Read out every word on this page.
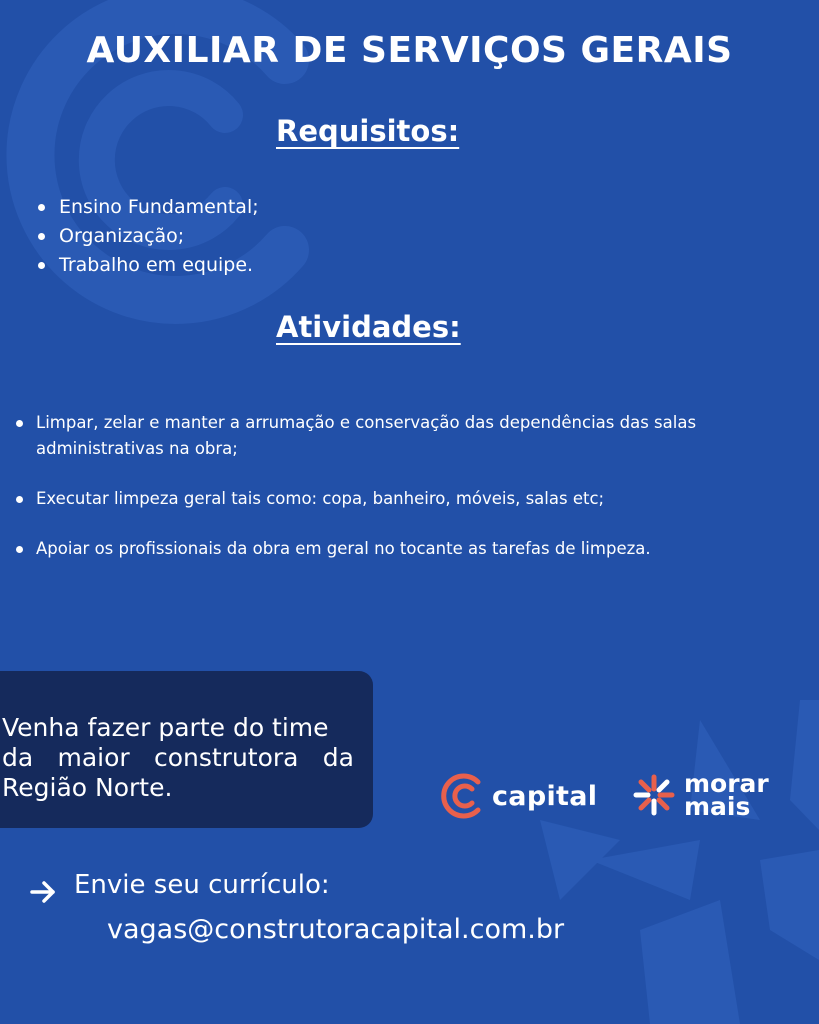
AUXILIAR DE SERVIÇOS GERAIS
Requisitos:
Ensino Fundamental;
Organização;
Trabalho em equipe.
Atividades:
Limpar, zelar e manter a arrumação e conservação das dependências das salas administrativas na obra;
Executar limpeza geral tais como: copa, banheiro, móveis, salas etc;
Apoiar os profissionais da obra em geral no tocante as tarefas de limpeza.

Venha fazer parte do time

da maior construtora da

Região Norte.	capital	morar
mais

Envie seu currículo:

vagas@construtoracapital.com.br
